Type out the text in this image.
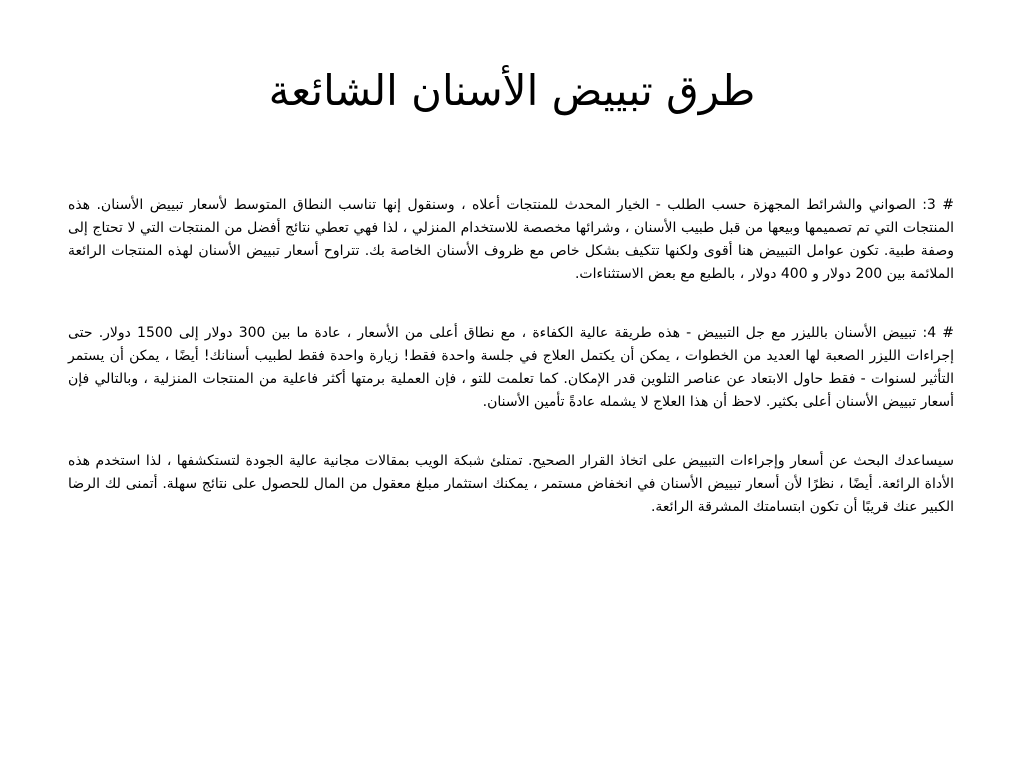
طرق تبييض الأسنان الشائعة

# 3: الصواني والشرائط المجهزة حسب الطلب - الخيار المحدث للمنتجات أعلاه ، وسنقول إنها تناسب النطاق المتوسط لأسعار تبييض الأسنان. هذه المنتجات التي تم تصميمها وبيعها من قبل طبيب الأسنان ، وشرائها مخصصة للاستخدام المنزلي ، لذا فهي تعطي نتائج أفضل من المنتجات التي لا تحتاج إلى وصفة طبية. تكون عوامل التبييض هنا أقوى ولكنها تتكيف بشكل خاص مع ظروف الأسنان الخاصة بك. تتراوح أسعار تبييض الأسنان لهذه المنتجات الرائعة الملائمة بين 200 دولار و 400 دولار ، بالطبع مع بعض الاستثناءات.

# 4: تبييض الأسنان بالليزر مع جل التبييض - هذه طريقة عالية الكفاءة ، مع نطاق أعلى من الأسعار ، عادة ما بين 300 دولار إلى 1500 دولار. حتى إجراءات الليزر الصعبة لها العديد من الخطوات ، يمكن أن يكتمل العلاج في جلسة واحدة فقط! زيارة واحدة فقط لطبيب أسنانك! أيضًا ، يمكن أن يستمر التأثير لسنوات - فقط حاول الابتعاد عن عناصر التلوين قدر الإمكان. كما تعلمت للتو ، فإن العملية برمتها أكثر فاعلية من المنتجات المنزلية ، وبالتالي فإن أسعار تبييض الأسنان أعلى بكثير. لاحظ أن هذا العلاج لا يشمله عادةً تأمين الأسنان.

سيساعدك البحث عن أسعار وإجراءات التبييض على اتخاذ القرار الصحيح. تمتلئ شبكة الويب بمقالات مجانية عالية الجودة لتستكشفها ، لذا استخدم هذه الأداة الرائعة. أيضًا ، نظرًا لأن أسعار تبييض الأسنان في انخفاض مستمر ، يمكنك استثمار مبلغ معقول من المال للحصول على نتائج سهلة. أتمنى لك الرضا الكبير عنك قريبًا أن تكون ابتسامتك المشرقة الرائعة.
